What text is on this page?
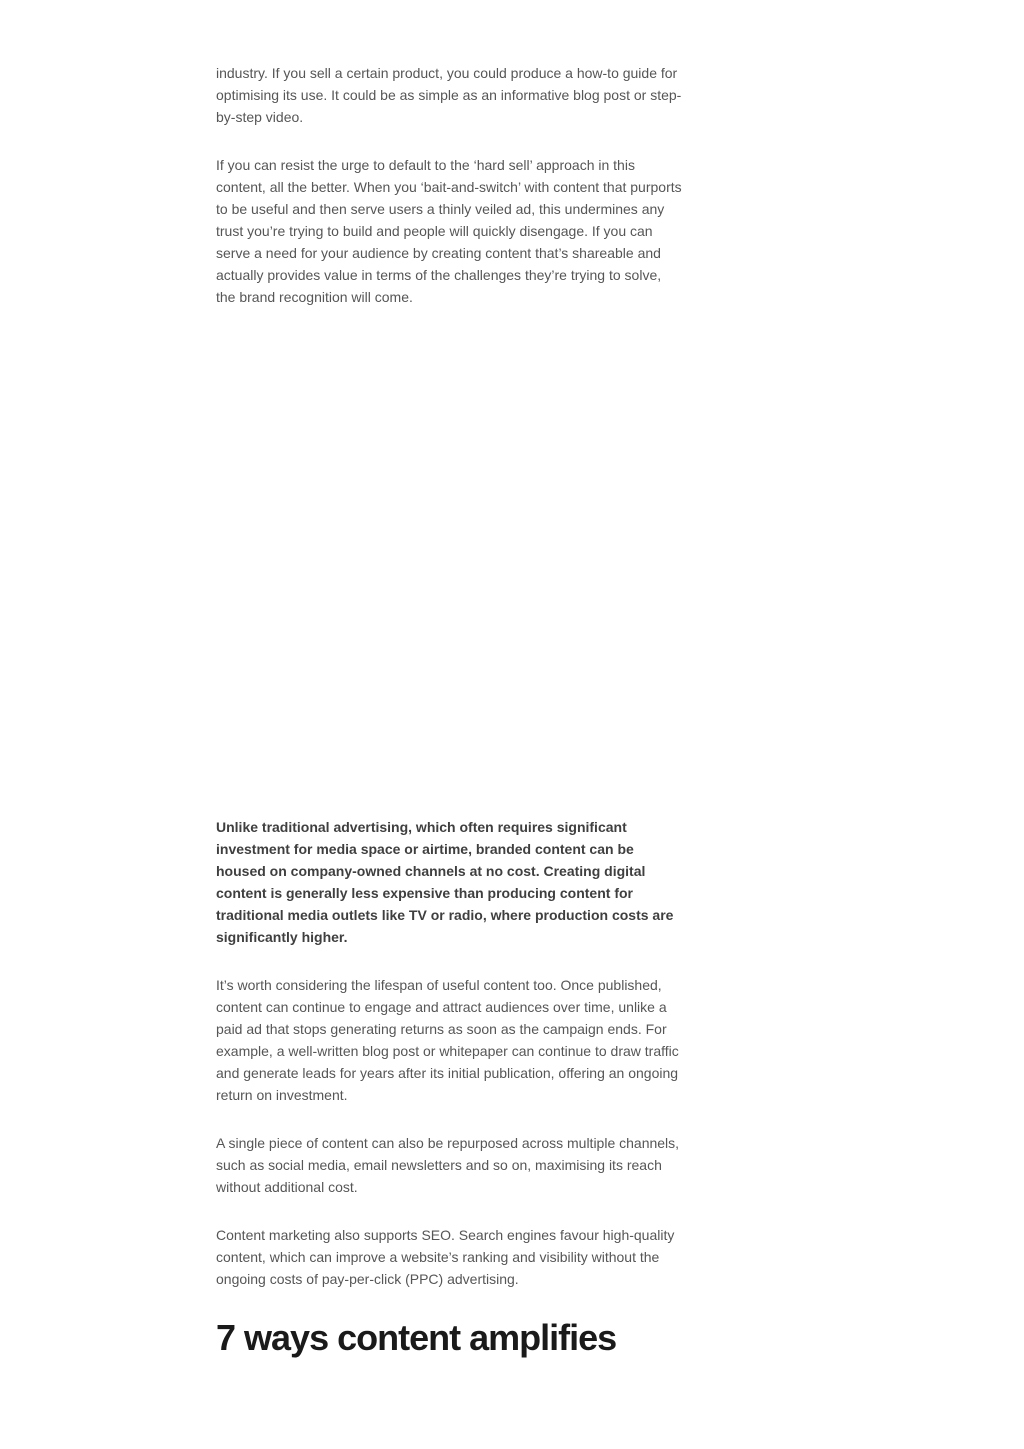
industry. If you sell a certain product, you could produce a how-to guide for optimising its use. It could be as simple as an informative blog post or step-by-step video.

If you can resist the urge to default to the ‘hard sell’ approach in this content, all the better. When you ‘bait-and-switch’ with content that purports to be useful and then serve users a thinly veiled ad, this undermines any trust you’re trying to build and people will quickly disengage. If you can serve a need for your audience by creating content that’s shareable and actually provides value in terms of the challenges they’re trying to solve, the brand recognition will come.

Unlike traditional advertising, which often requires significant investment for media space or airtime, branded content can be housed on company-owned channels at no cost. Creating digital content is generally less expensive than producing content for traditional media outlets like TV or radio, where production costs are significantly higher.

It’s worth considering the lifespan of useful content too. Once published, content can continue to engage and attract audiences over time, unlike a paid ad that stops generating returns as soon as the campaign ends. For example, a well-written blog post or whitepaper can continue to draw traffic and generate leads for years after its initial publication, offering an ongoing return on investment.

A single piece of content can also be repurposed across multiple channels, such as social media, email newsletters and so on, maximising its reach without additional cost.

Content marketing also supports SEO. Search engines favour high-quality content, which can improve a website’s ranking and visibility without the ongoing costs of pay-per-click (PPC) advertising.

7 ways content amplifies
